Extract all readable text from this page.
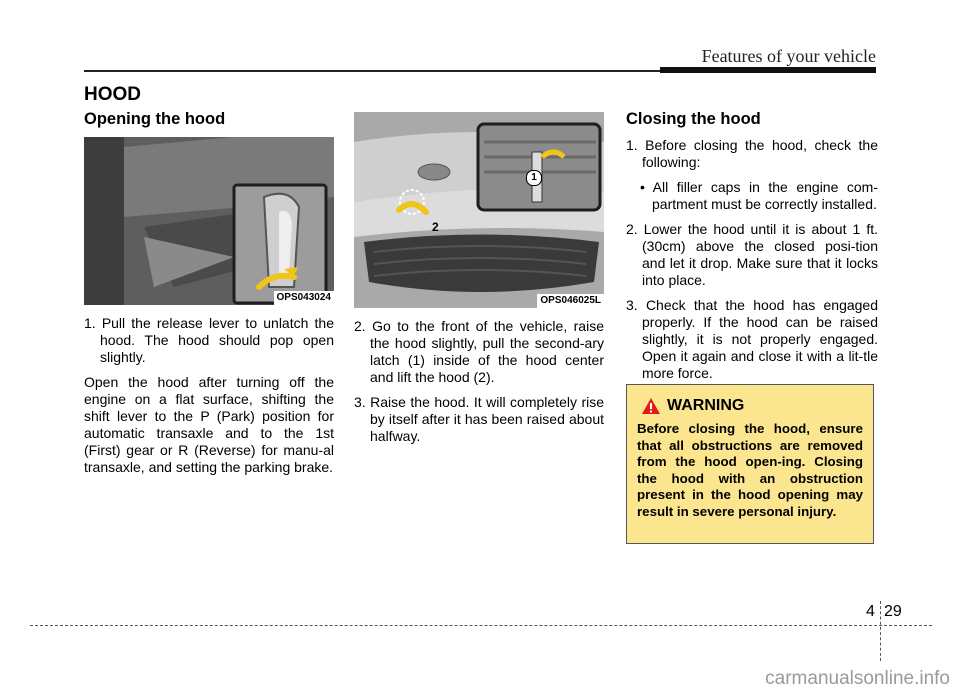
Features of your vehicle
HOOD
Opening the hood
OPS043024

1. Pull the release lever to unlatch the hood. The hood should pop open slightly.

Open the hood after turning off the engine on a flat surface, shifting the shift lever to the P (Park) position for automatic transaxle and to the 1st (First) gear or R (Reverse) for manu-al transaxle, and setting the parking brake.

1
2
OPS046025L

2. Go to the front of the vehicle, raise the hood slightly, pull the second-ary latch (1) inside of the hood center and lift the hood (2).

3. Raise the hood. It will completely rise by itself after it has been raised about halfway.

Closing the hood

1. Before closing the hood, check the following:

• All filler caps in the engine com-partment must be correctly installed.

2. Lower the hood until it is about 1 ft.(30cm) above the closed posi-tion and let it drop. Make sure that it locks into place.

3. Check that the hood has engaged properly. If the hood can be raised slightly, it is not properly engaged. Open it again and close it with a lit-tle more force.

WARNING
Before closing the hood, ensure that all obstructions are removed from the hood open-ing. Closing the hood with an obstruction present in the hood opening may result in severe personal injury.
4 29
carmanualsonline.info
